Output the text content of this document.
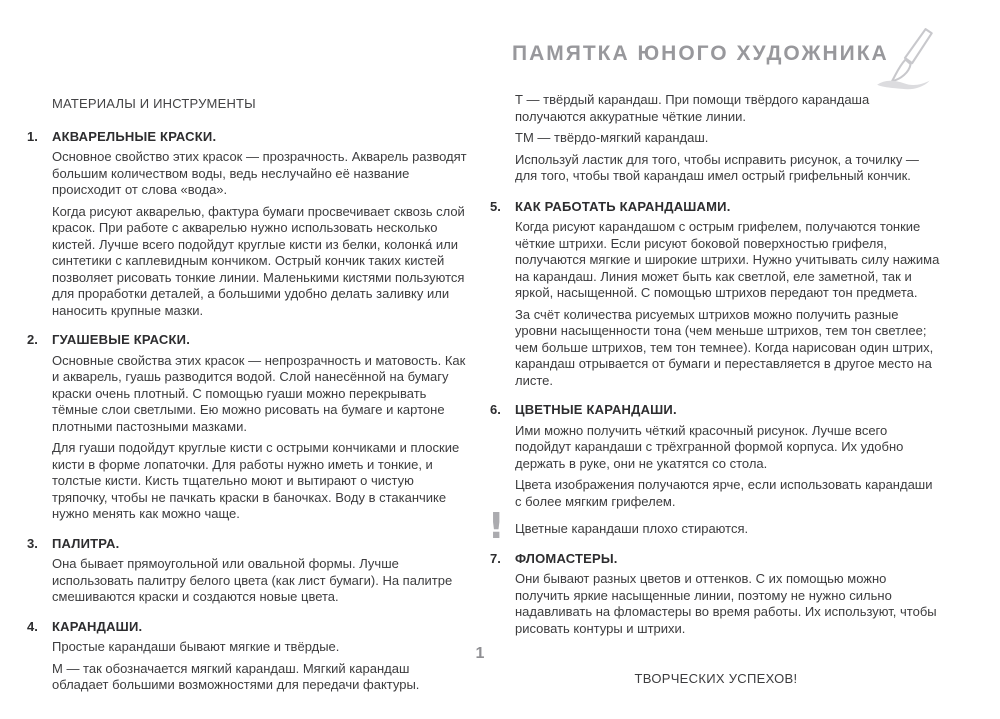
ПАМЯТКА ЮНОГО ХУДОЖНИКА
МАТЕРИАЛЫ И ИНСТРУМЕНТЫ
1. АКВАРЕЛЬНЫЕ КРАСКИ.

Основное свойство этих красок — прозрачность. Акварель разводят большим количеством воды, ведь неслучайно её название происходит от слова «вода».

Когда рисуют акварелью, фактура бумаги просвечивает сквозь слой красок. При работе с акварелью нужно использовать несколько кистей. Лучше всего подойдут круглые кисти из белки, колонка́ или синтетики с каплевидным кончиком. Острый кончик таких кистей позволяет рисовать тонкие линии. Маленькими кистями пользуются для проработки деталей, а большими удобно делать заливку или наносить крупные мазки.

2. ГУАШЕВЫЕ КРАСКИ.

Основные свойства этих красок — непрозрачность и матовость. Как и акварель, гуашь разводится водой. Слой нанесённой на бумагу краски очень плотный. С помощью гуаши можно перекрывать тёмные слои светлыми. Ею можно рисовать на бумаге и картоне плотными пастозными мазками.

Для гуаши подойдут круглые кисти с острыми кончиками и плоские кисти в форме лопаточки. Для работы нужно иметь и тонкие, и толстые кисти. Кисть тщательно моют и вытирают о чистую тряпочку, чтобы не пачкать краски в баночках. Воду в стаканчике нужно менять как можно чаще.

3. ПАЛИТРА.

Она бывает прямоугольной или овальной формы. Лучше использовать палитру белого цвета (как лист бумаги). На палитре смешиваются краски и создаются новые цвета.

4. КАРАНДАШИ.

Простые карандаши бывают мягкие и твёрдые.

М — так обозначается мягкий карандаш. Мягкий карандаш обладает большими возможностями для передачи фактуры.

Т — твёрдый карандаш. При помощи твёрдого карандаша получаются аккуратные чёткие линии.

ТМ — твёрдо-мягкий карандаш.

Используй ластик для того, чтобы исправить рисунок, а точилку — для того, чтобы твой карандаш имел острый грифельный кончик.

5. КАК РАБОТАТЬ КАРАНДАШАМИ.

Когда рисуют карандашом с острым грифелем, получаются тонкие чёткие штрихи. Если рисуют боковой поверхностью грифеля, получаются мягкие и широкие штрихи. Нужно учитывать силу нажима на карандаш. Линия может быть как светлой, еле заметной, так и яркой, насыщенной. С помощью штрихов передают тон предмета.

За счёт количества рисуемых штрихов можно получить разные уровни насыщенности тона (чем меньше штрихов, тем тон светлее; чем больше штрихов, тем тон темнее). Когда нарисован один штрих, карандаш отрывается от бумаги и переставляется в другое место на листе.

6. ЦВЕТНЫЕ КАРАНДАШИ.

Ими можно получить чёткий красочный рисунок. Лучше всего подойдут карандаши с трёхгранной формой корпуса. Их удобно держать в руке, они не укатятся со стола.

Цвета изображения получаются ярче, если использовать карандаши с более мягким грифелем.

! Цветные карандаши плохо стираются.

7. ФЛОМАСТЕРЫ.

Они бывают разных цветов и оттенков. С их помощью можно получить яркие насыщенные линии, поэтому не нужно сильно надавливать на фломастеры во время работы. Их используют, чтобы рисовать контуры и штрихи.

ТВОРЧЕСКИХ УСПЕХОВ!
1
